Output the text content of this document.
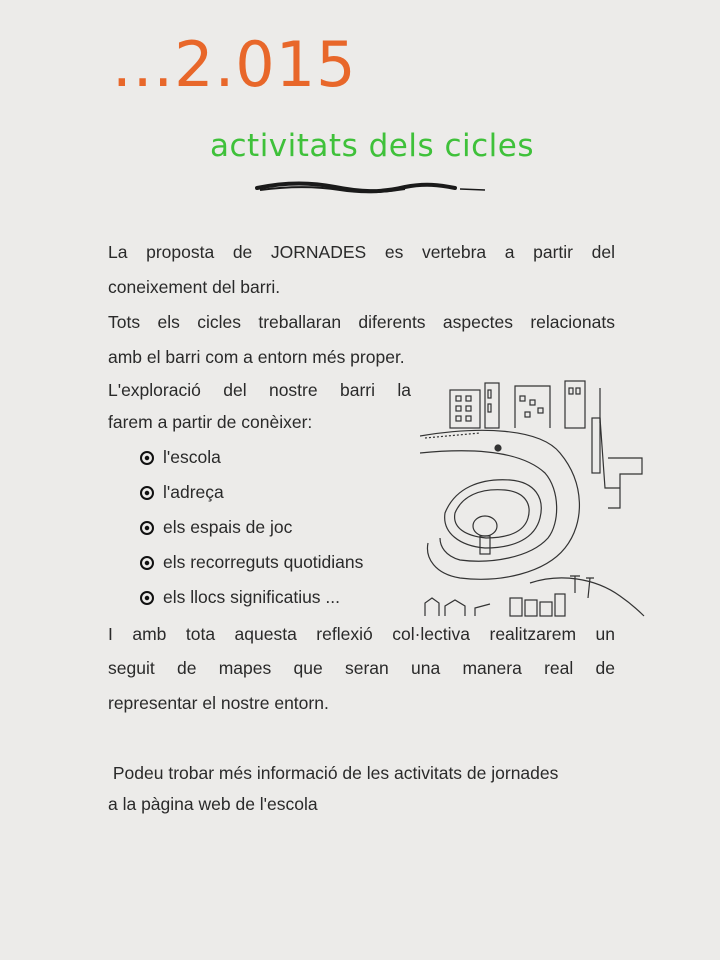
...2.015
activitats dels cicles
La proposta de JORNADES es vertebra a partir del
coneixement del barri.
Tots els cicles treballaran diferents aspectes relacionats
amb el barri com a entorn més proper.
L'exploració del nostre barri la
farem a partir de conèixer:
l'escola
l'adreça
els espais de joc
els recorreguts quotidians
els llocs significatius ...
I amb tota aquesta reflexió col·lectiva realitzarem un
seguit de mapes que seran una manera real de
representar el nostre entorn.
Podeu trobar més informació de les activitats de jornades
a la pàgina web de l'escola
